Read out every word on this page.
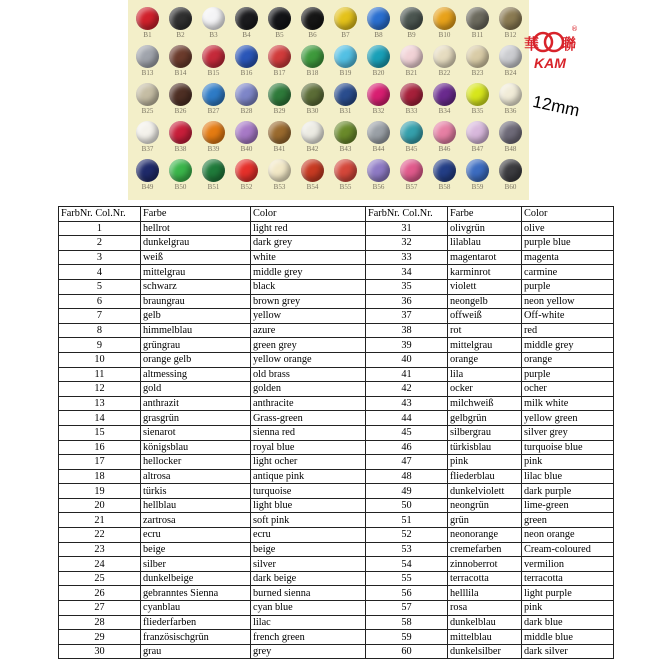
B1	B2	B3	B4	B5	B6	B7	B8	B9	B10	B11	B12
B13	B14	B15	B16	B17	B18	B19	B20	B21	B22	B23	B24
B25	B26	B27	B28	B29	B30	B31	B32	B33	B34	B35	B36
B37	B38	B39	B40	B41	B42	B43	B44	B45	B46	B47	B48
B49	B50	B51	B52	B53	B54	B55	B56	B57	B58	B59	B60
華 聯
®
KAM
12mm
FarbNr. Col.Nr.	Farbe	Color	FarbNr. Col.Nr.	Farbe	Color
1	hellrot	light red	31	olivgrün	olive
2	dunkelgrau	dark grey	32	lilablau	purple blue
3	weiß	white	33	magentarot	magenta
4	mittelgrau	middle grey	34	karminrot	carmine
5	schwarz	black	35	violett	purple
6	braungrau	brown grey	36	neongelb	neon yellow
7	gelb	yellow	37	offweiß	Off-white
8	himmelblau	azure	38	rot	red
9	grüngrau	green grey	39	mittelgrau	middle grey
10	orange gelb	yellow orange	40	orange	orange
11	altmessing	old brass	41	lila	purple
12	gold	golden	42	ocker	ocher
13	anthrazit	anthracite	43	milchweiß	milk white
14	grasgrün	Grass-green	44	gelbgrün	yellow green
15	sienarot	sienna red	45	silbergrau	silver grey
16	königsblau	royal blue	46	türkisblau	turquoise blue
17	hellocker	light ocher	47	pink	pink
18	altrosa	antique pink	48	fliederblau	lilac blue
19	türkis	turquoise	49	dunkelviolett	dark purple
20	hellblau	light blue	50	neongrün	lime-green
21	zartrosa	soft pink	51	grün	green
22	ecru	ecru	52	neonorange	neon orange
23	beige	beige	53	cremefarben	Cream-coloured
24	silber	silver	54	zinnoberrot	vermilion
25	dunkelbeige	dark beige	55	terracotta	terracotta
26	gebranntes Sienna	burned sienna	56	helllila	light purple
27	cyanblau	cyan blue	57	rosa	pink
28	fliederfarben	lilac	58	dunkelblau	dark blue
29	französischgrün	french green	59	mittelblau	middle blue
30	grau	grey	60	dunkelsilber	dark silver
